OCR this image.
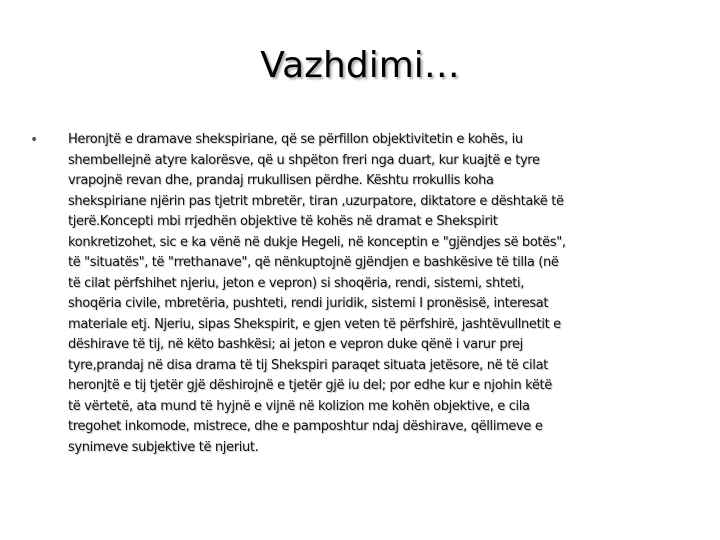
Vazhdimi…
• Heronjtë e dramave shekspiriane, që se përfillon objektivitetin e kohës, iu
shembellejnë atyre kalorësve, që u shpëton freri nga duart, kur kuajtë e tyre
vrapojnë revan dhe, prandaj rrukullisen përdhe. Kështu rrokullis koha
shekspiriane njërin pas tjetrit mbretër, tiran ,uzurpatore, diktatore e dështakë të
tjerë.Koncepti mbi rrjedhën objektive të kohës në dramat e Shekspirit
konkretizohet, sic e ka vënë në dukje Hegeli, në konceptin e "gjëndjes së botës",
të "situatës", të "rrethanave", që nënkuptojnë gjëndjen e bashkësive të tilla (në
të cilat përfshihet njeriu, jeton e vepron) si shoqëria, rendi, sistemi, shteti,
shoqëria civile, mbretëria, pushteti, rendi juridik, sistemi I pronësisë, interesat
materiale etj. Njeriu, sipas Shekspirit, e gjen veten të përfshirë, jashtëvullnetit e
dëshirave të tij, në këto bashkësi; ai jeton e vepron duke qënë i varur prej
tyre,prandaj në disa drama të tij Shekspiri paraqet situata jetësore, në të cilat
heronjtë e tij tjetër gjë dëshirojnë e tjetër gjë iu del; por edhe kur e njohin këtë
të vërtetë, ata mund të hyjnë e vijnë në kolizion me kohën objektive, e cila
tregohet inkomode, mistrece, dhe e pamposhtur ndaj dëshirave, qëllimeve e
synimeve subjektive të njeriut.
